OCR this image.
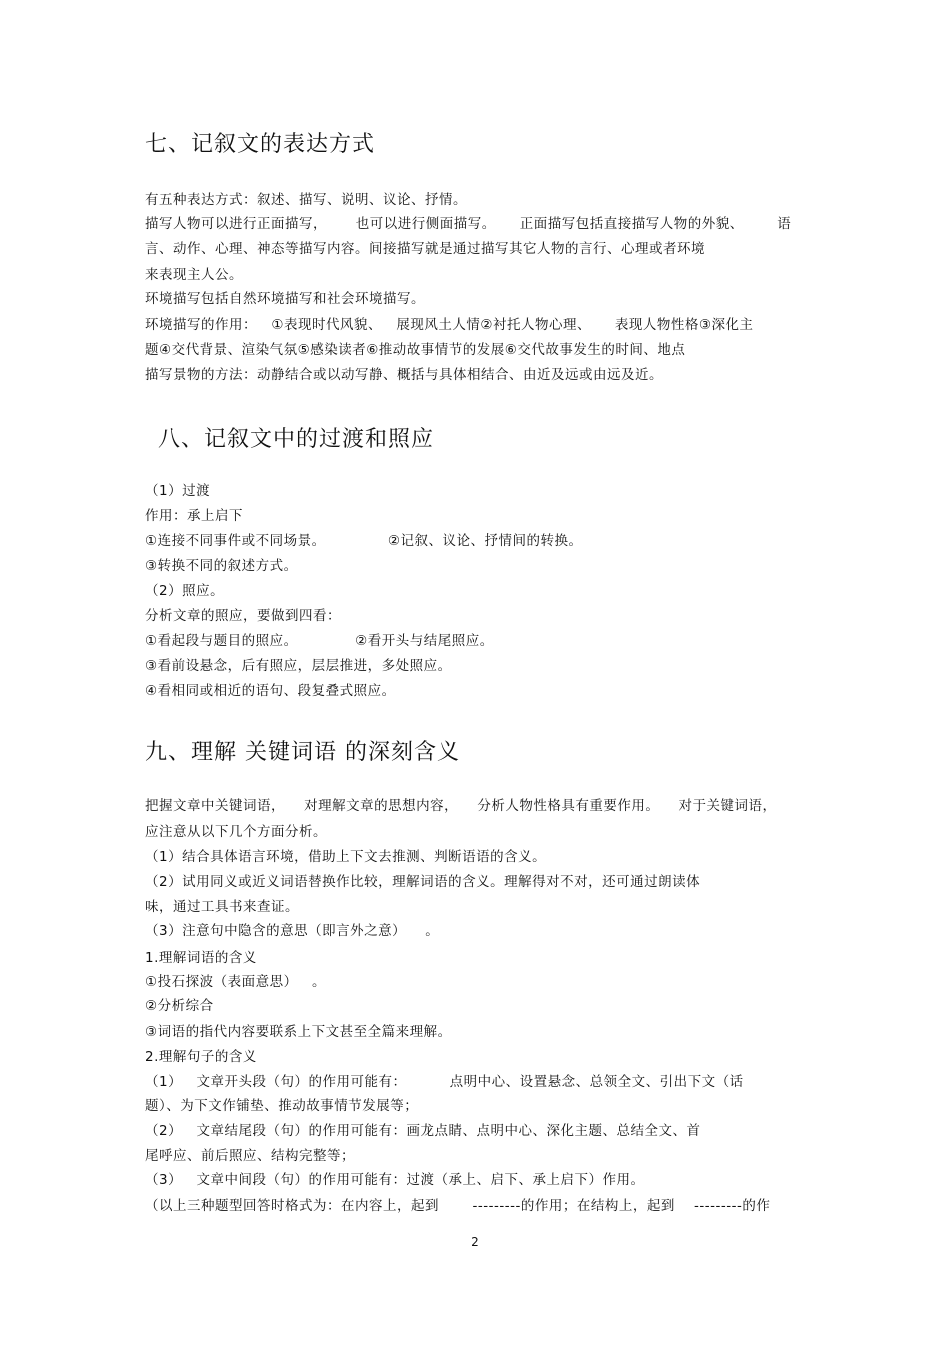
七、记叙文的表达方式
有五种表达方式：叙述、描写、说明、议论、抒情。
描写人物可以进行正面描写，      也可以进行侧面描写。     正面描写包括直接描写人物的外貌、       语
言、动作、心理、神态等描写内容。间接描写就是通过描写其它人物的言行、心理或者环境
来表现主人公。
环境描写包括自然环境描写和社会环境描写。
环境描写的作用：   ①表现时代风貌、   展现风土人情②衬托人物心理、     表现人物性格③深化主
题④交代背景、渲染气氛⑤感染读者⑥推动故事情节的发展⑥交代故事发生的时间、地点
描写景物的方法：动静结合或以动写静、概括与具体相结合、由近及远或由远及近。
八、记叙文中的过渡和照应
（1）过渡
作用：承上启下
①连接不同事件或不同场景。             ②记叙、议论、抒情间的转换。
③转换不同的叙述方式。
（2）照应。
分析文章的照应，要做到四看：
①看起段与题目的照应。            ②看开头与结尾照应。
③看前设悬念，后有照应，层层推进，多处照应。
④看相同或相近的语句、段复叠式照应。
九、理解 关键词语 的深刻含义
把握文章中关键词语，    对理解文章的思想内容，    分析人物性格具有重要作用。    对于关键词语，
应注意从以下几个方面分析。
（1）结合具体语言环境，借助上下文去推测、判断语语的含义。
（2）试用同义或近义词语替换作比较，理解词语的含义。理解得对不对，还可通过朗读体
味，通过工具书来查证。
（3）注意句中隐含的意思（即言外之意）    。
1.理解词语的含义
①投石探波（表面意思）   。
②分析综合
③词语的指代内容要联系上下文甚至全篇来理解。
2.理解句子的含义
（1）   文章开头段（句）的作用可能有：         点明中心、设置悬念、总领全文、引出下文（话
题）、为下文作铺垫、推动故事情节发展等；
（2）   文章结尾段（句）的作用可能有：画龙点睛、点明中心、深化主题、总结全文、首
尾呼应、前后照应、结构完整等；
（3）   文章中间段（句）的作用可能有：过渡（承上、启下、承上启下）作用。
（以上三种题型回答时格式为：在内容上，起到       ---------的作用；在结构上，起到    ---------的作
2
